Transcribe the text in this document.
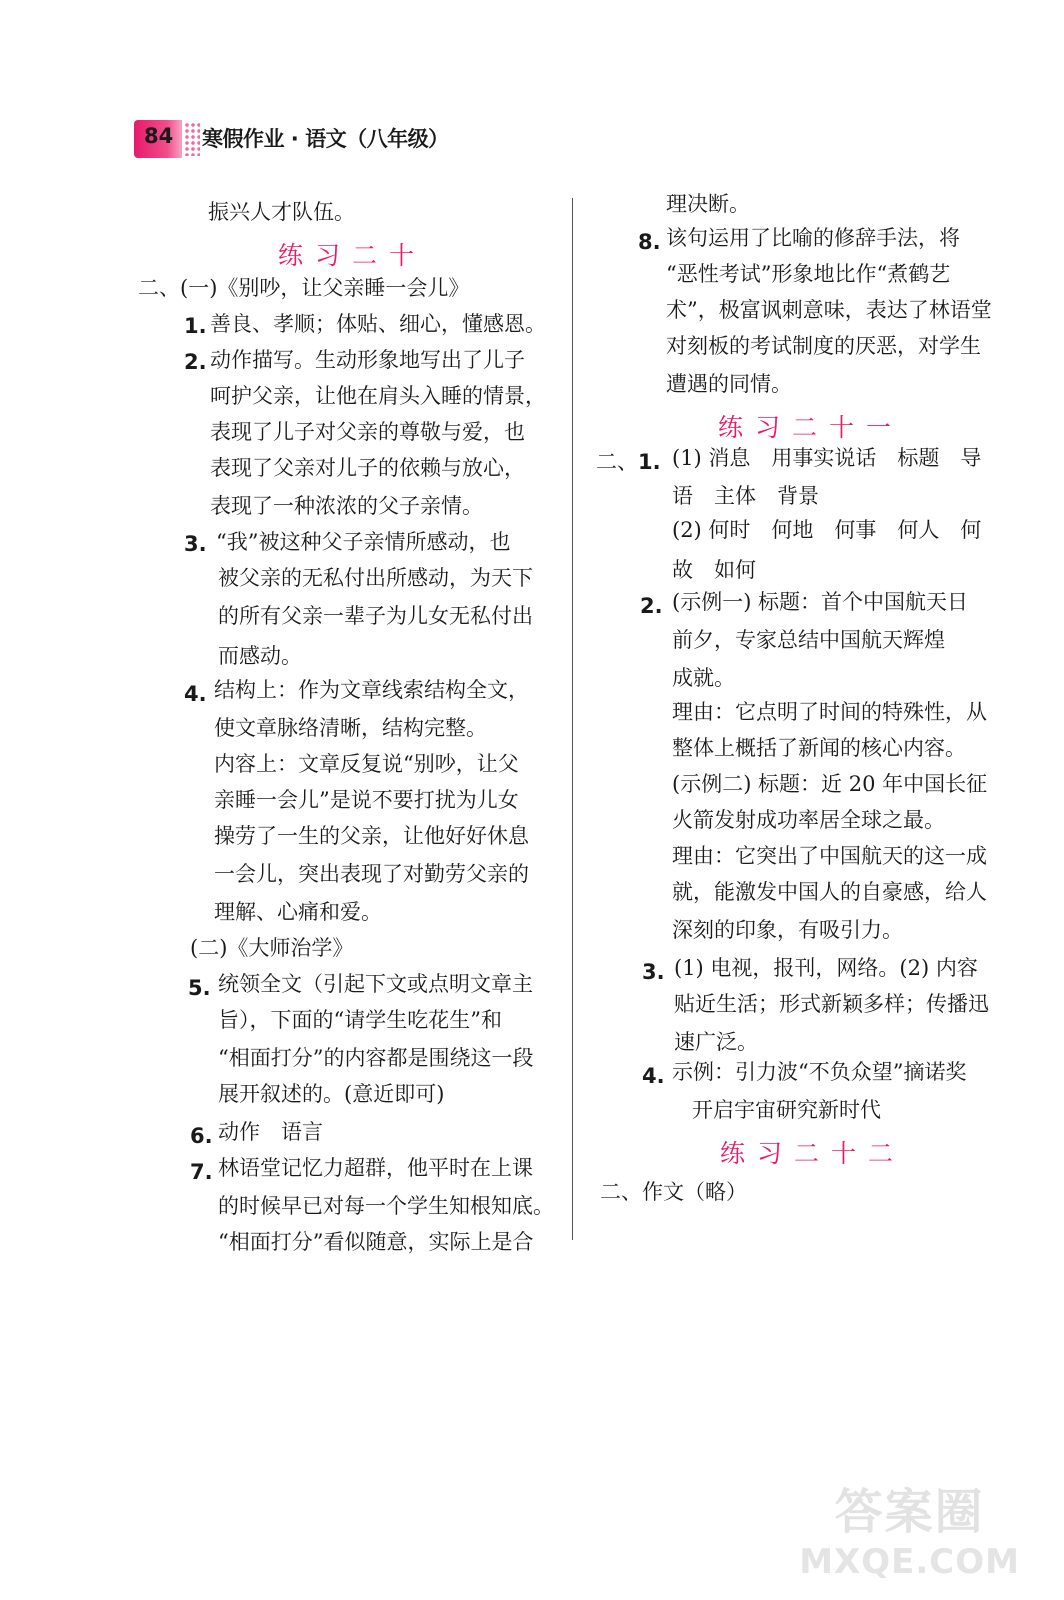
84 寒假作业 · 语文（八年级）
振兴人才队伍。
练习二十
二、(一)《别吵，让父亲睡一会儿》
1. 善良、孝顺；体贴、细心，懂感恩。
2. 动作描写。生动形象地写出了儿子
呵护父亲，让他在肩头入睡的情景，
表现了儿子对父亲的尊敬与爱，也
表现了父亲对儿子的依赖与放心，
表现了一种浓浓的父子亲情。
3. “我”被这种父子亲情所感动，也
被父亲的无私付出所感动，为天下
的所有父亲一辈子为儿女无私付出
而感动。
4. 结构上：作为文章线索结构全文，
使文章脉络清晰，结构完整。
内容上：文章反复说“别吵，让父
亲睡一会儿”是说不要打扰为儿女
操劳了一生的父亲，让他好好休息
一会儿，突出表现了对勤劳父亲的
理解、心痛和爱。
(二)《大师治学》
5. 统领全文（引起下文或点明文章主
旨），下面的“请学生吃花生”和
“相面打分”的内容都是围绕这一段
展开叙述的。(意近即可)
6. 动作　语言
7. 林语堂记忆力超群，他平时在上课
的时候早已对每一个学生知根知底。
“相面打分”看似随意，实际上是合
理决断。
8. 该句运用了比喻的修辞手法，将
“恶性考试”形象地比作“煮鹤艺
术”，极富讽刺意味，表达了林语堂
对刻板的考试制度的厌恶，对学生
遭遇的同情。
练习二十一
二、 1. (1) 消息　用事实说话　标题　导
语　主体　背景
(2) 何时　何地　何事　何人　何
故　如何
2. (示例一) 标题：首个中国航天日
前夕，专家总结中国航天辉煌
成就。
理由：它点明了时间的特殊性，从
整体上概括了新闻的核心内容。
(示例二) 标题：近 20 年中国长征
火箭发射成功率居全球之最。
理由：它突出了中国航天的这一成
就，能激发中国人的自豪感，给人
深刻的印象，有吸引力。
3. (1) 电视，报刊，网络。(2) 内容
贴近生活；形式新颖多样；传播迅
速广泛。
4. 示例：引力波“不负众望”摘诺奖
开启宇宙研究新时代
练习二十二
二、作文（略）
答案圈
MXQE.COM
